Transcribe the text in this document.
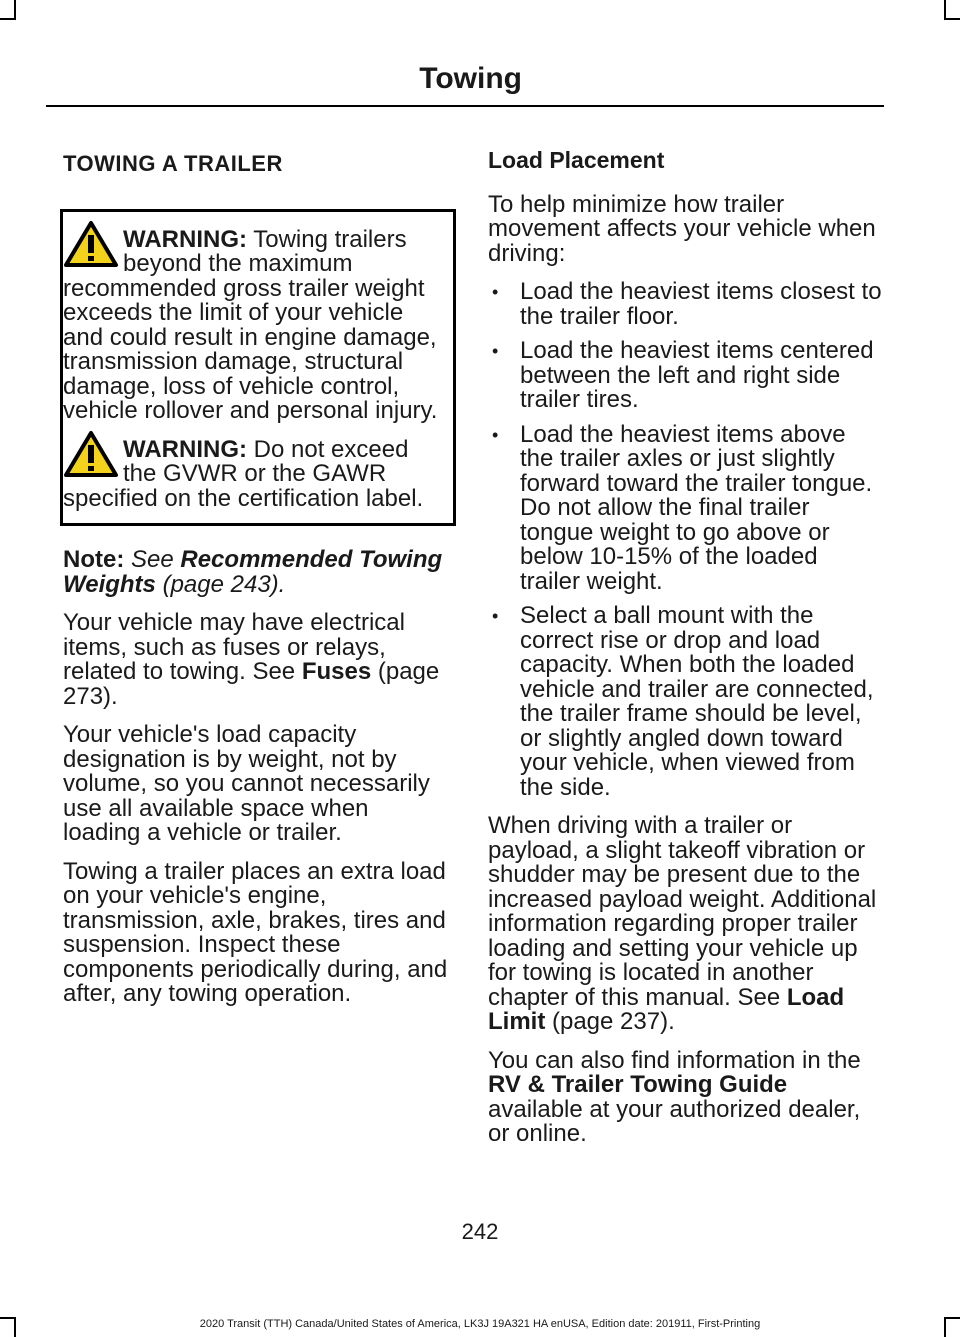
Towing
TOWING A TRAILER
WARNING: Towing trailers beyond the maximum recommended gross trailer weight exceeds the limit of your vehicle and could result in engine damage, transmission damage, structural damage, loss of vehicle control, vehicle rollover and personal injury.
WARNING: Do not exceed the GVWR or the GAWR specified on the certification label.

Note: See Recommended Towing Weights (page 243).

Your vehicle may have electrical items, such as fuses or relays, related to towing. See Fuses (page 273).

Your vehicle's load capacity designation is by weight, not by volume, so you cannot necessarily use all available space when loading a vehicle or trailer.

Towing a trailer places an extra load on your vehicle's engine, transmission, axle, brakes, tires and suspension. Inspect these components periodically during, and after, any towing operation.

Load Placement

To help minimize how trailer movement affects your vehicle when driving:

• Load the heaviest items closest to the trailer floor.
• Load the heaviest items centered between the left and right side trailer tires.
• Load the heaviest items above the trailer axles or just slightly forward toward the trailer tongue. Do not allow the final trailer tongue weight to go above or below 10-15% of the loaded trailer weight.
• Select a ball mount with the correct rise or drop and load capacity. When both the loaded vehicle and trailer are connected, the trailer frame should be level, or slightly angled down toward your vehicle, when viewed from the side.

When driving with a trailer or payload, a slight takeoff vibration or shudder may be present due to the increased payload weight. Additional information regarding proper trailer loading and setting your vehicle up for towing is located in another chapter of this manual. See Load Limit (page 237).

You can also find information in the RV & Trailer Towing Guide available at your authorized dealer, or online.

242
2020 Transit (TTH) Canada/United States of America, LK3J 19A321 HA enUSA, Edition date: 201911, First-Printing
